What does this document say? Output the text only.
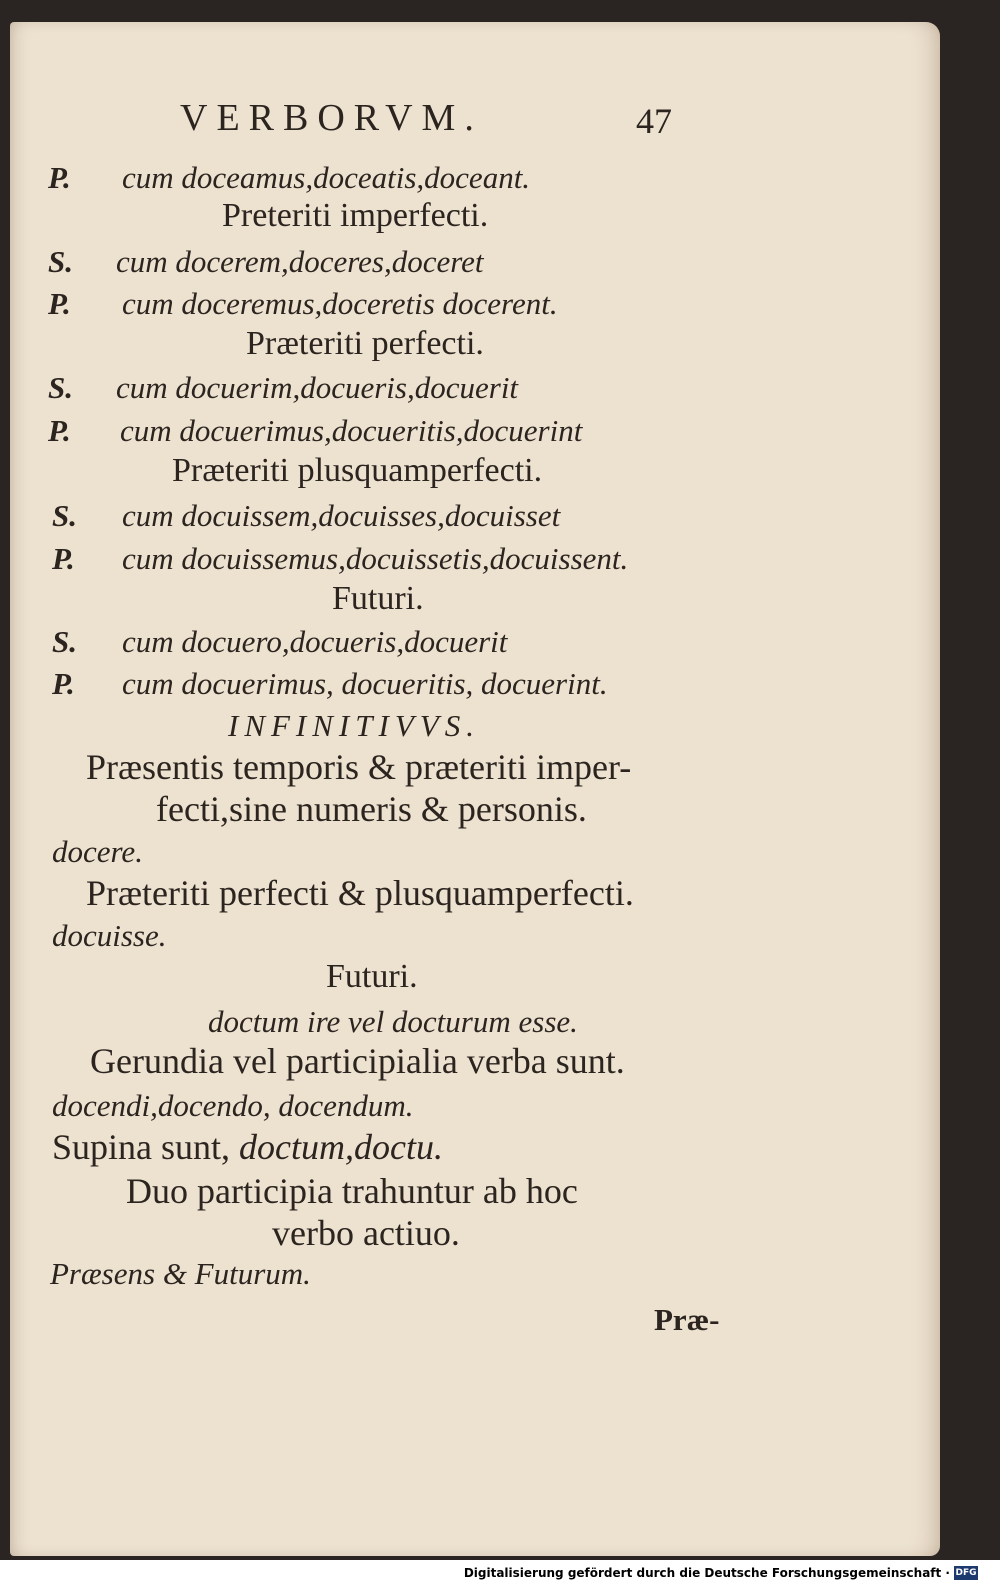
VERBORVM.	47
P. cum doceamus,doceatis,doceant.
Preteriti imperfecti.
S. cum docerem,doceres,doceret
P. cum doceremus,doceretis docerent.
Præteriti perfecti.
S. cum docuerim,docueris,docuerit
P. cum docuerimus,docueritis,docuerint
Præteriti plusquamperfecti.
S. cum docuissem,docuisses,docuisset
P. cum docuissemus,docuissetis,docuissent.
Futuri.
S. cum docuero,docueris,docuerit
P. cum docuerimus, docueritis, docuerint.
INFINITIVVS.
Præsentis temporis & præteriti imper-
fecti,sine numeris & personis.
docere.
Præteriti perfecti & plusquamperfecti.
docuisse.
Futuri.
doctum ire vel docturum esse.
Gerundia vel participialia verba sunt.
docendi,docendo, docendum.
Supina sunt, doctum,doctu.
Duo participia trahuntur ab hoc
verbo actiuo.
Præsens & Futurum.
Præ-
Digitalisierung gefördert durch die Deutsche Forschungsgemeinschaft · DFG
